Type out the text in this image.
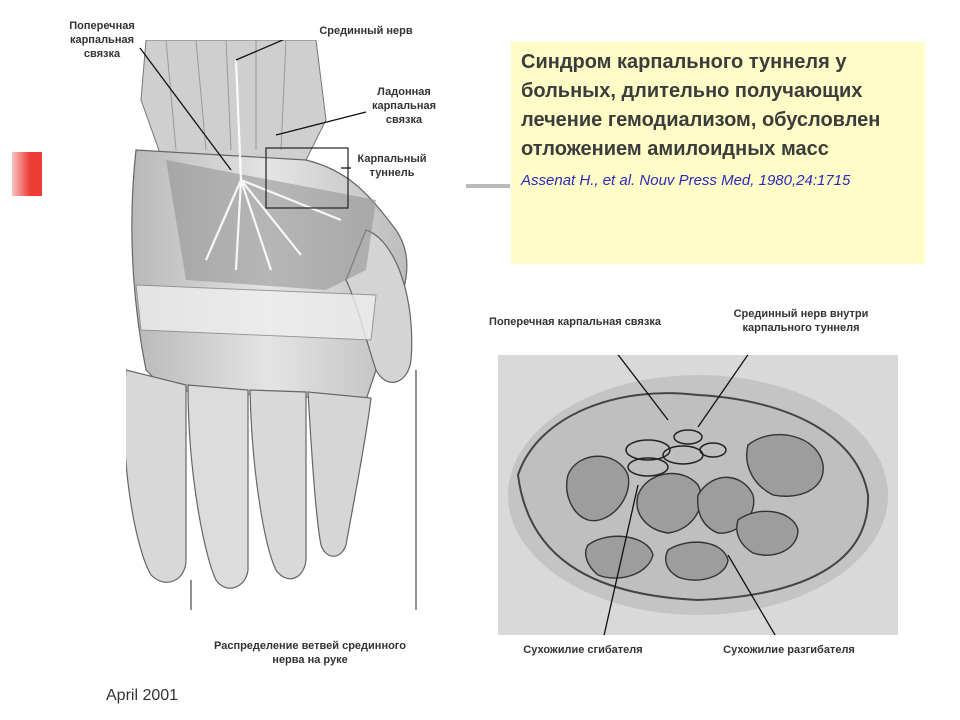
Синдром карпального туннеля у больных, длительно получающих лечение гемодиализом, обусловлен отложением амилоидных масс

Assenat H., et al. Nouv Press Med, 1980,24:1715
Поперечная карпальная связка
Срединный нерв
Ладонная карпальная связка
Карпальный туннель
Распределение ветвей срединного нерва на руке
Поперечная карпальная связка
Срединный нерв внутри карпального туннеля
Сухожилие сгибателя	Сухожилие разгибателя
April 2001
